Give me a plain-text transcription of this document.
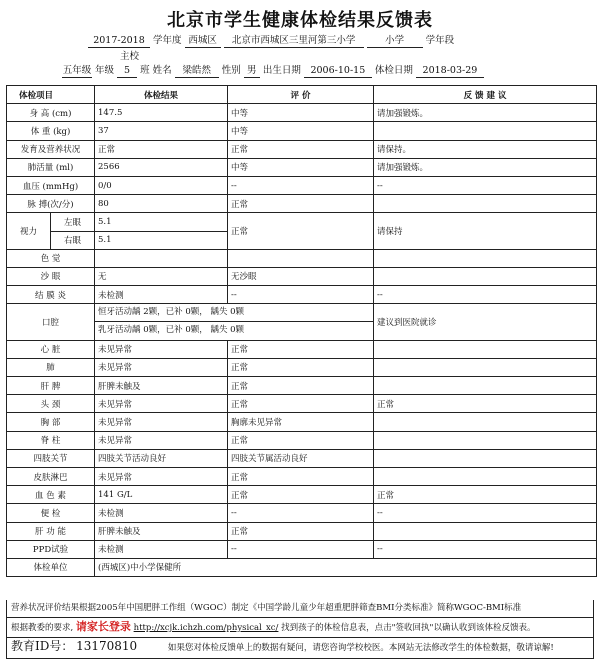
北京市学生健康体检结果反馈表
2017-2018 学年度 西城区 北京市西城区三里河第三小学	小学 学年段
主校
五年级 年级 5 班 姓名 梁皓然 性别 男 出生日期 2006-10-15 体检日期 2018-03-29
体检项目		体检结果	评 价	反 馈 建 议
身 高 (cm)		147.5	中等	请加强锻炼。
体 重 (kg)		37	中等	
发育及营养状况		正常	正常	请保持。
肺活量 (ml)		2566	中等	请加强锻炼。
血压 (mmHg)		0/0	--	--
脉 搏(次/分)		80	正常	
视力	左眼	5.1	正常	请保持
	右眼	5.1		
色 觉				
沙 眼		无	无沙眼	
结 膜 炎		未检测	--	--
口腔		恒牙活动龋 2颗，已补 0颗， 龋失 0颗
乳牙活动龋 0颗，已补 0颗， 龋失 0颗		建议到医院就诊
心 脏		未见异常	正常	
肺		未见异常	正常	
肝 脾		肝脾未触及	正常	
头 颈		未见异常	正常	正常
胸 部		未见异常	胸廓未见异常	
脊 柱		未见异常	正常	
四肢关节		四肢关节活动良好	四肢关节属活动良好	
皮肤淋巴		未见异常	正常	
血 色 素		141 G/L	正常	正常
便 检		未检测	--	--
肝 功 能		肝脾未触及	正常	
PPD试验		未检测	--	--
体检单位		(西城区)中小学保健所		
营养状况评价结果根据2005年中国肥胖工作组（WGOC）制定《中国学龄儿童少年超重肥胖筛查BMI分类标准》简称WGOC-BMI标准
根据教委的要求, 请家长登录 http://xcjk.ichzh.com/physical_xc/ 找到孩子的体检信息表，点击"签收回执"以确认收到该体检反馈表。
教育ID号： 13170810	如果您对体检反馈单上的数据有疑问，请您咨询学校校医。本网站无法修改学生的体检数据，敬请谅解!
